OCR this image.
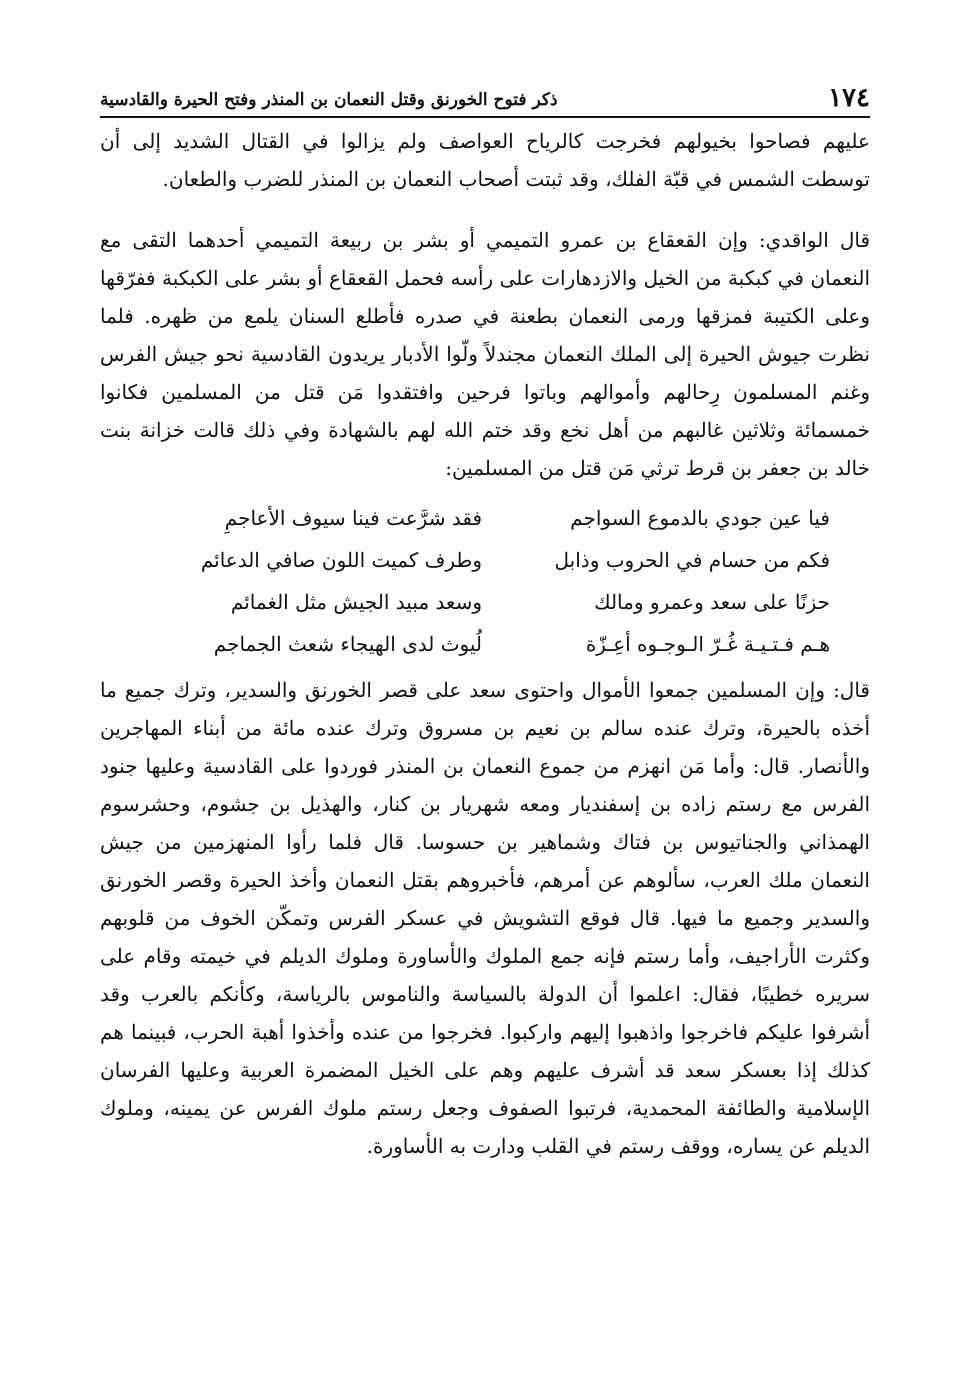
١٧٤
ذكر فتوح الخورنق وقتل النعمان بن المنذر وفتح الحيرة والقادسية

عليهم فصاحوا بخيولهم فخرجت كالرياح العواصف ولم يزالوا في القتال الشديد إلى أن توسطت الشمس في قبّة الفلك، وقد ثبتت أصحاب النعمان بن المنذر للضرب والطعان.

قال الواقدي: وإن القعقاع بن عمرو التميمي أو بشر بن ربيعة التميمي أحدهما التقى مع النعمان في كبكبة من الخيل والازدهارات على رأسه فحمل القعقاع أو بشر على الكبكبة ففرّقها وعلى الكتيبة فمزقها ورمى النعمان بطعنة في صدره فأطلع السنان يلمع من ظهره. فلما نظرت جيوش الحيرة إلى الملك النعمان مجندلاً ولّوا الأدبار يريدون القادسية نحو جيش الفرس وغنم المسلمون رِحالهم وأموالهم وباتوا فرحين وافتقدوا مَن قتل من المسلمين فكانوا خمسمائة وثلاثين غالبهم من أهل نخع وقد ختم الله لهم بالشهادة وفي ذلك قالت خزانة بنت خالد بن جعفر بن قرط ترثي مَن قتل من المسلمين:

فيا عين جودي بالدموع السواجم
فقد شرَّعت فينا سيوف الأعاجمِ
فكم من حسام في الحروب وذابل
وطرف كميت اللون صافي الدعائم
حزنًا على سعد وعمرو ومالك
وسعد مبيد الجيش مثل الغمائم
هـم فـتـيـة غُـرّ الـوجـوه أعِـزّة
لُيوث لدى الهيجاء شعث الجماجم

قال: وإن المسلمين جمعوا الأموال واحتوى سعد على قصر الخورنق والسدير، وترك جميع ما أخذه بالحيرة، وترك عنده سالم بن نعيم بن مسروق وترك عنده مائة من أبناء المهاجرين والأنصار. قال: وأما مَن انهزم من جموع النعمان بن المنذر فوردوا على القادسية وعليها جنود الفرس مع رستم زاده بن إسفنديار ومعه شهريار بن كنار، والهذيل بن جشوم، وحشرسوم الهمذاني والجناتيوس بن فتاك وشماهير بن حسوسا. قال فلما رأوا المنهزمين من جيش النعمان ملك العرب، سألوهم عن أمرهم، فأخبروهم بقتل النعمان وأخذ الحيرة وقصر الخورنق والسدير وجميع ما فيها. قال فوقع التشويش في عسكر الفرس وتمكّن الخوف من قلوبهم وكثرت الأراجيف، وأما رستم فإنه جمع الملوك والأساورة وملوك الديلم في خيمته وقام على سريره خطيبًا، فقال: اعلموا أن الدولة بالسياسة والناموس بالرياسة، وكأنكم بالعرب وقد أشرفوا عليكم فاخرجوا واذهبوا إليهم واركبوا. فخرجوا من عنده وأخذوا أهبة الحرب، فبينما هم كذلك إذا بعسكر سعد قد أشرف عليهم وهم على الخيل المضمرة العربية وعليها الفرسان الإسلامية والطائفة المحمدية، فرتبوا الصفوف وجعل رستم ملوك الفرس عن يمينه، وملوك الديلم عن يساره، ووقف رستم في القلب ودارت به الأساورة.
